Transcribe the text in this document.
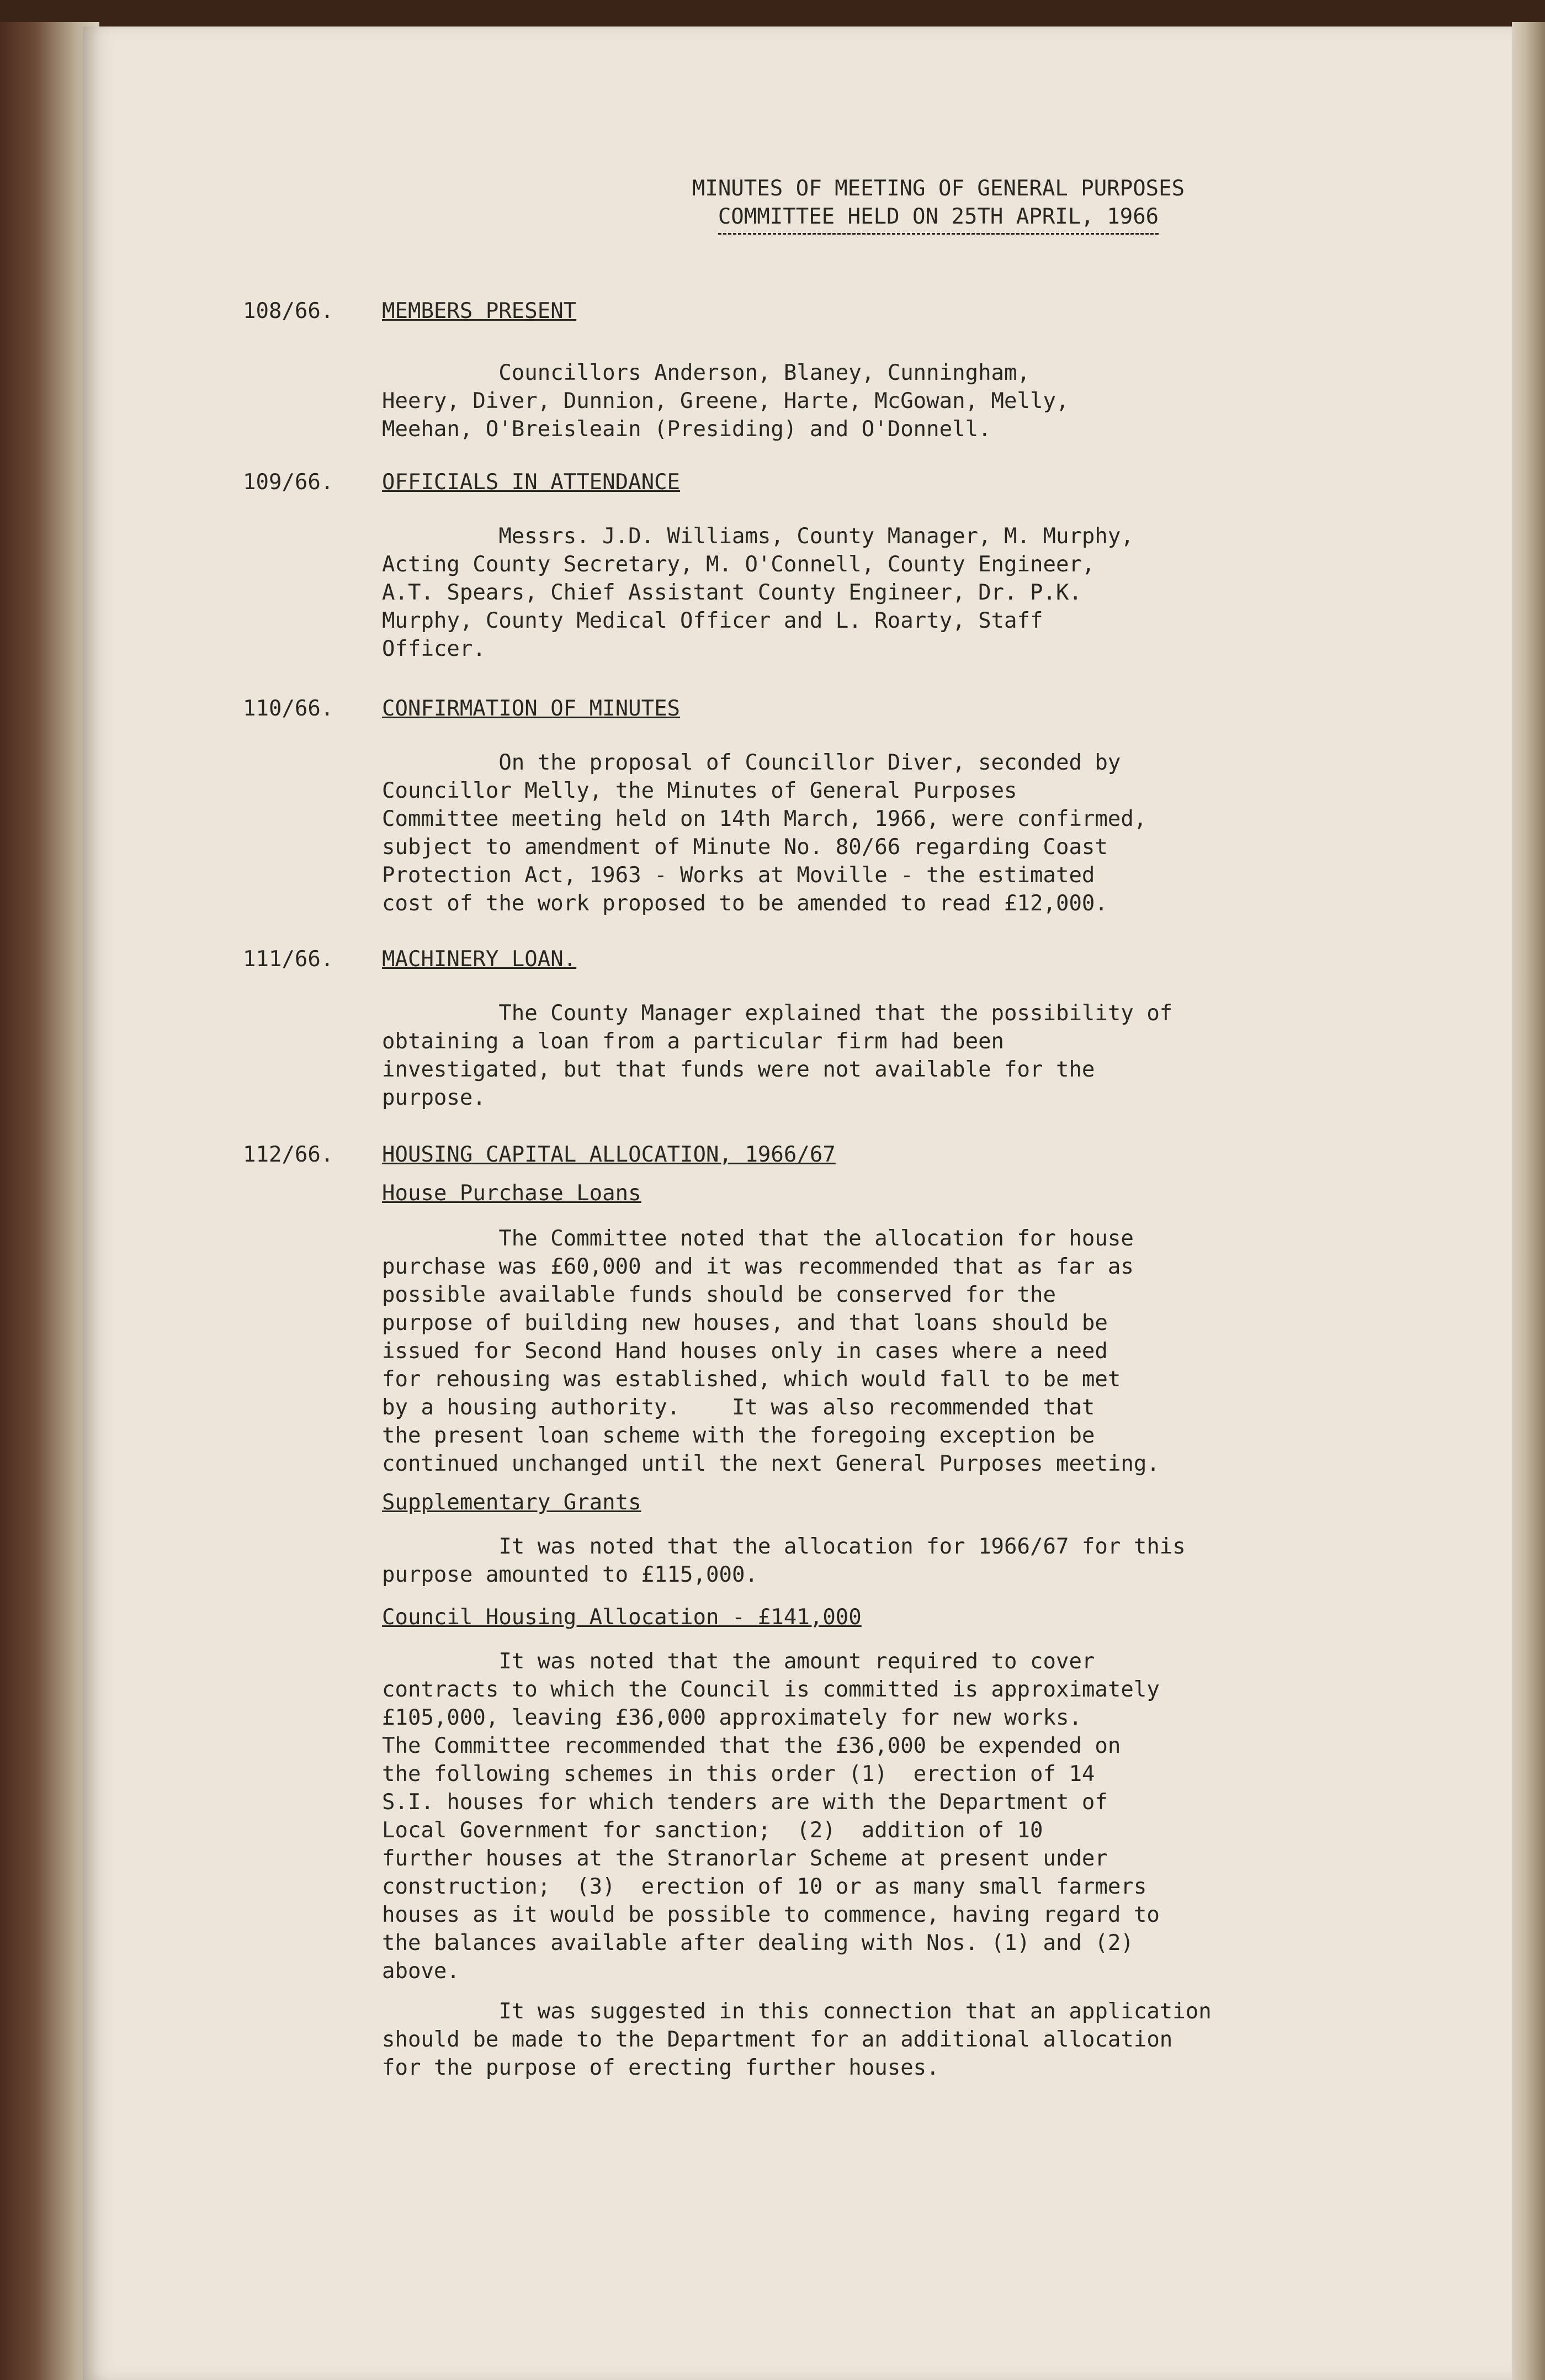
MINUTES OF MEETING OF GENERAL PURPOSES
COMMITTEE HELD ON 25TH APRIL, 1966
108/66. MEMBERS PRESENT

Councillors Anderson, Blaney, Cunningham,

Heery, Diver, Dunnion, Greene, Harte, McGowan, Melly,

Meehan, O'Breisleain (Presiding) and O'Donnell.

109/66. OFFICIALS IN ATTENDANCE

Messrs. J.D. Williams, County Manager, M. Murphy,

Acting County Secretary, M. O'Connell, County Engineer,

A.T. Spears, Chief Assistant County Engineer, Dr. P.K.

Murphy, County Medical Officer and L. Roarty, Staff

Officer.

110/66. CONFIRMATION OF MINUTES

On the proposal of Councillor Diver, seconded by

Councillor Melly, the Minutes of General Purposes

Committee meeting held on 14th March, 1966, were confirmed,

subject to amendment of Minute No. 80/66 regarding Coast

Protection Act, 1963 - Works at Moville - the estimated

cost of the work proposed to be amended to read £12,000.

111/66. MACHINERY LOAN.

The County Manager explained that the possibility of

obtaining a loan from a particular firm had been

investigated, but that funds were not available for the

purpose.

112/66. HOUSING CAPITAL ALLOCATION, 1966/67
House Purchase Loans

The Committee noted that the allocation for house

purchase was £60,000 and it was recommended that as far as

possible available funds should be conserved for the

purpose of building new houses, and that loans should be

issued for Second Hand houses only in cases where a need

for rehousing was established, which would fall to be met

by a housing authority.    It was also recommended that

the present loan scheme with the foregoing exception be

continued unchanged until the next General Purposes meeting.

Supplementary Grants

It was noted that the allocation for 1966/67 for this

purpose amounted to £115,000.

Council Housing Allocation - £141,000

It was noted that the amount required to cover

contracts to which the Council is committed is approximately

£105,000, leaving £36,000 approximately for new works.

The Committee recommended that the £36,000 be expended on

the following schemes in this order (1)  erection of 14

S.I. houses for which tenders are with the Department of

Local Government for sanction;  (2)  addition of 10

further houses at the Stranorlar Scheme at present under

construction;  (3)  erection of 10 or as many small farmers

houses as it would be possible to commence, having regard to

the balances available after dealing with Nos. (1) and (2)

above.

It was suggested in this connection that an application

should be made to the Department for an additional allocation

for the purpose of erecting further houses.
